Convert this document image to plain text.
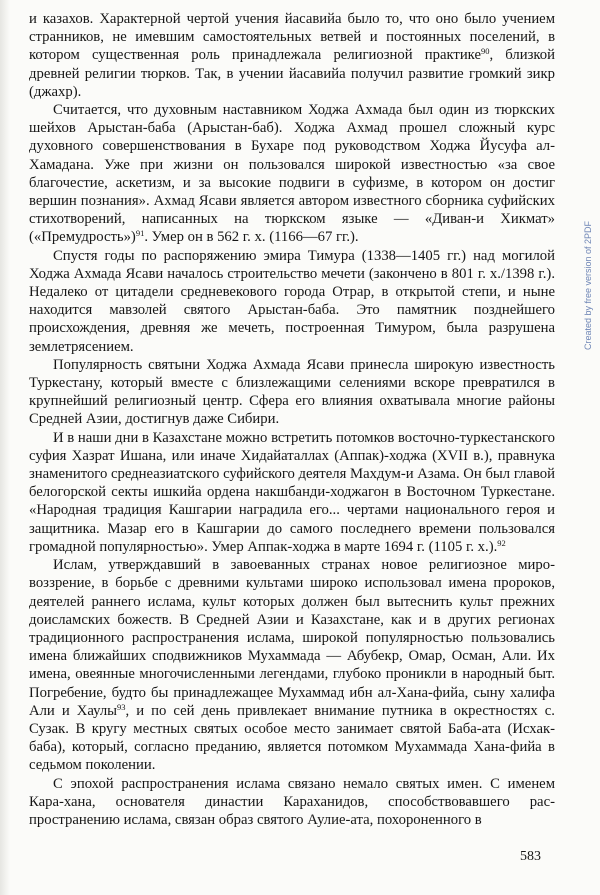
и казахов. Характерной чертой учения йасавийа было то, что оно было учением странников, не имевшим самостоятельных ветвей и постоянных поселений, в котором существенная роль принадлежала религиозной практике$^{90}$, близкой древней религии тюрков. Так, в учении йасавийа получил развитие громкий зикр (джахр).

Считается, что духовным наставником Ходжа Ахмада был один из тюркских шейхов Арыстан-баба (Арыстан-баб). Ходжа Ахмад прошел сложный курс духовного совершенствования в Бухаре под руководством Ходжа Йусуфа ал-Хамадана. Уже при жизни он пользовался широкой известностью «за свое благочестие, аскетизм, и за высокие подвиги в суфизме, в котором он достиг вершин познания». Ахмад Ясави является автором известного сборника суфийских стихотворений, написанных на тюркском языке — «Диван-и Хикмат» («Премудрость»)$^{91}$. Умер он в 562 г. х. (1166—67 гг.).

Спустя годы по распоряжению эмира Тимура (1338—1405 гг.) над могилой Ходжа Ахмада Ясави началось строительство мечети (закончено в 801 г. х./1398 г.). Недалеко от цитадели средневекового города Отрар, в открытой степи, и ныне находится мавзолей святого Арыстан-баба. Это памятник позднейшего происхождения, древняя же мечеть, построенная Тимуром, была разрушена землетрясением.

Популярность святыни Ходжа Ахмада Ясави принесла широкую известность Туркестану, который вместе с близлежащими селениями вскоре превратился в крупнейший религиозный центр. Сфера его влияния охватывала многие районы Средней Азии, достигнув даже Сибири.

И в наши дни в Казахстане можно встретить потомков восточно-туркестанского суфия Хазрат Ишана, или иначе Хидайаталлах (Аппак)-ходжа (XVII в.), правнука знаменитого среднеазиатского суфийского деятеля Махдум-и Азама. Он был главой белогорской секты ишкийа ордена накшбанди-ходжагон в Восточном Туркестане. «Народная традиция Кашгарии наградила его... чертами национального героя и защитника. Мазар его в Кашгарии до самого последнего времени пользовался громадной популярностью». Умер Аппак-ходжа в марте 1694 г. (1105 г. х.).$^{92}$

Ислам, утверждавший в завоеванных странах новое религиозное мировоззрение, в борьбе с древними культами широко использовал имена пророков, деятелей раннего ислама, культ которых должен был вытеснить культ прежних доисламских божеств. В Средней Азии и Казахстане, как и в других регионах традиционного распространения ислама, широкой популярностью пользовались имена ближайших сподвижников Мухаммада — Абубекр, Омар, Осман, Али. Их имена, овеянные многочисленными легендами, глубоко проникли в народный быт. Погребение, будто бы принадлежащее Мухаммад ибн ал-Хана-фийа, сыну халифа Али и Хаулы$^{93}$, и по сей день привлекает внимание путника в окрестностях с. Сузак. В кругу местных святых особое место занимает святой Баба-ата (Исхак-баба), который, согласно преданию, является потомком Мухаммада Хана-фийа в седьмом поколении.

С эпохой распространения ислама связано немало святых имен. С именем Кара-хана, основателя династии Караханидов, способствовавшего распространению ислама, связан образ святого Аулие-ата, похороненного в

583
Created by free version of 2PDF
